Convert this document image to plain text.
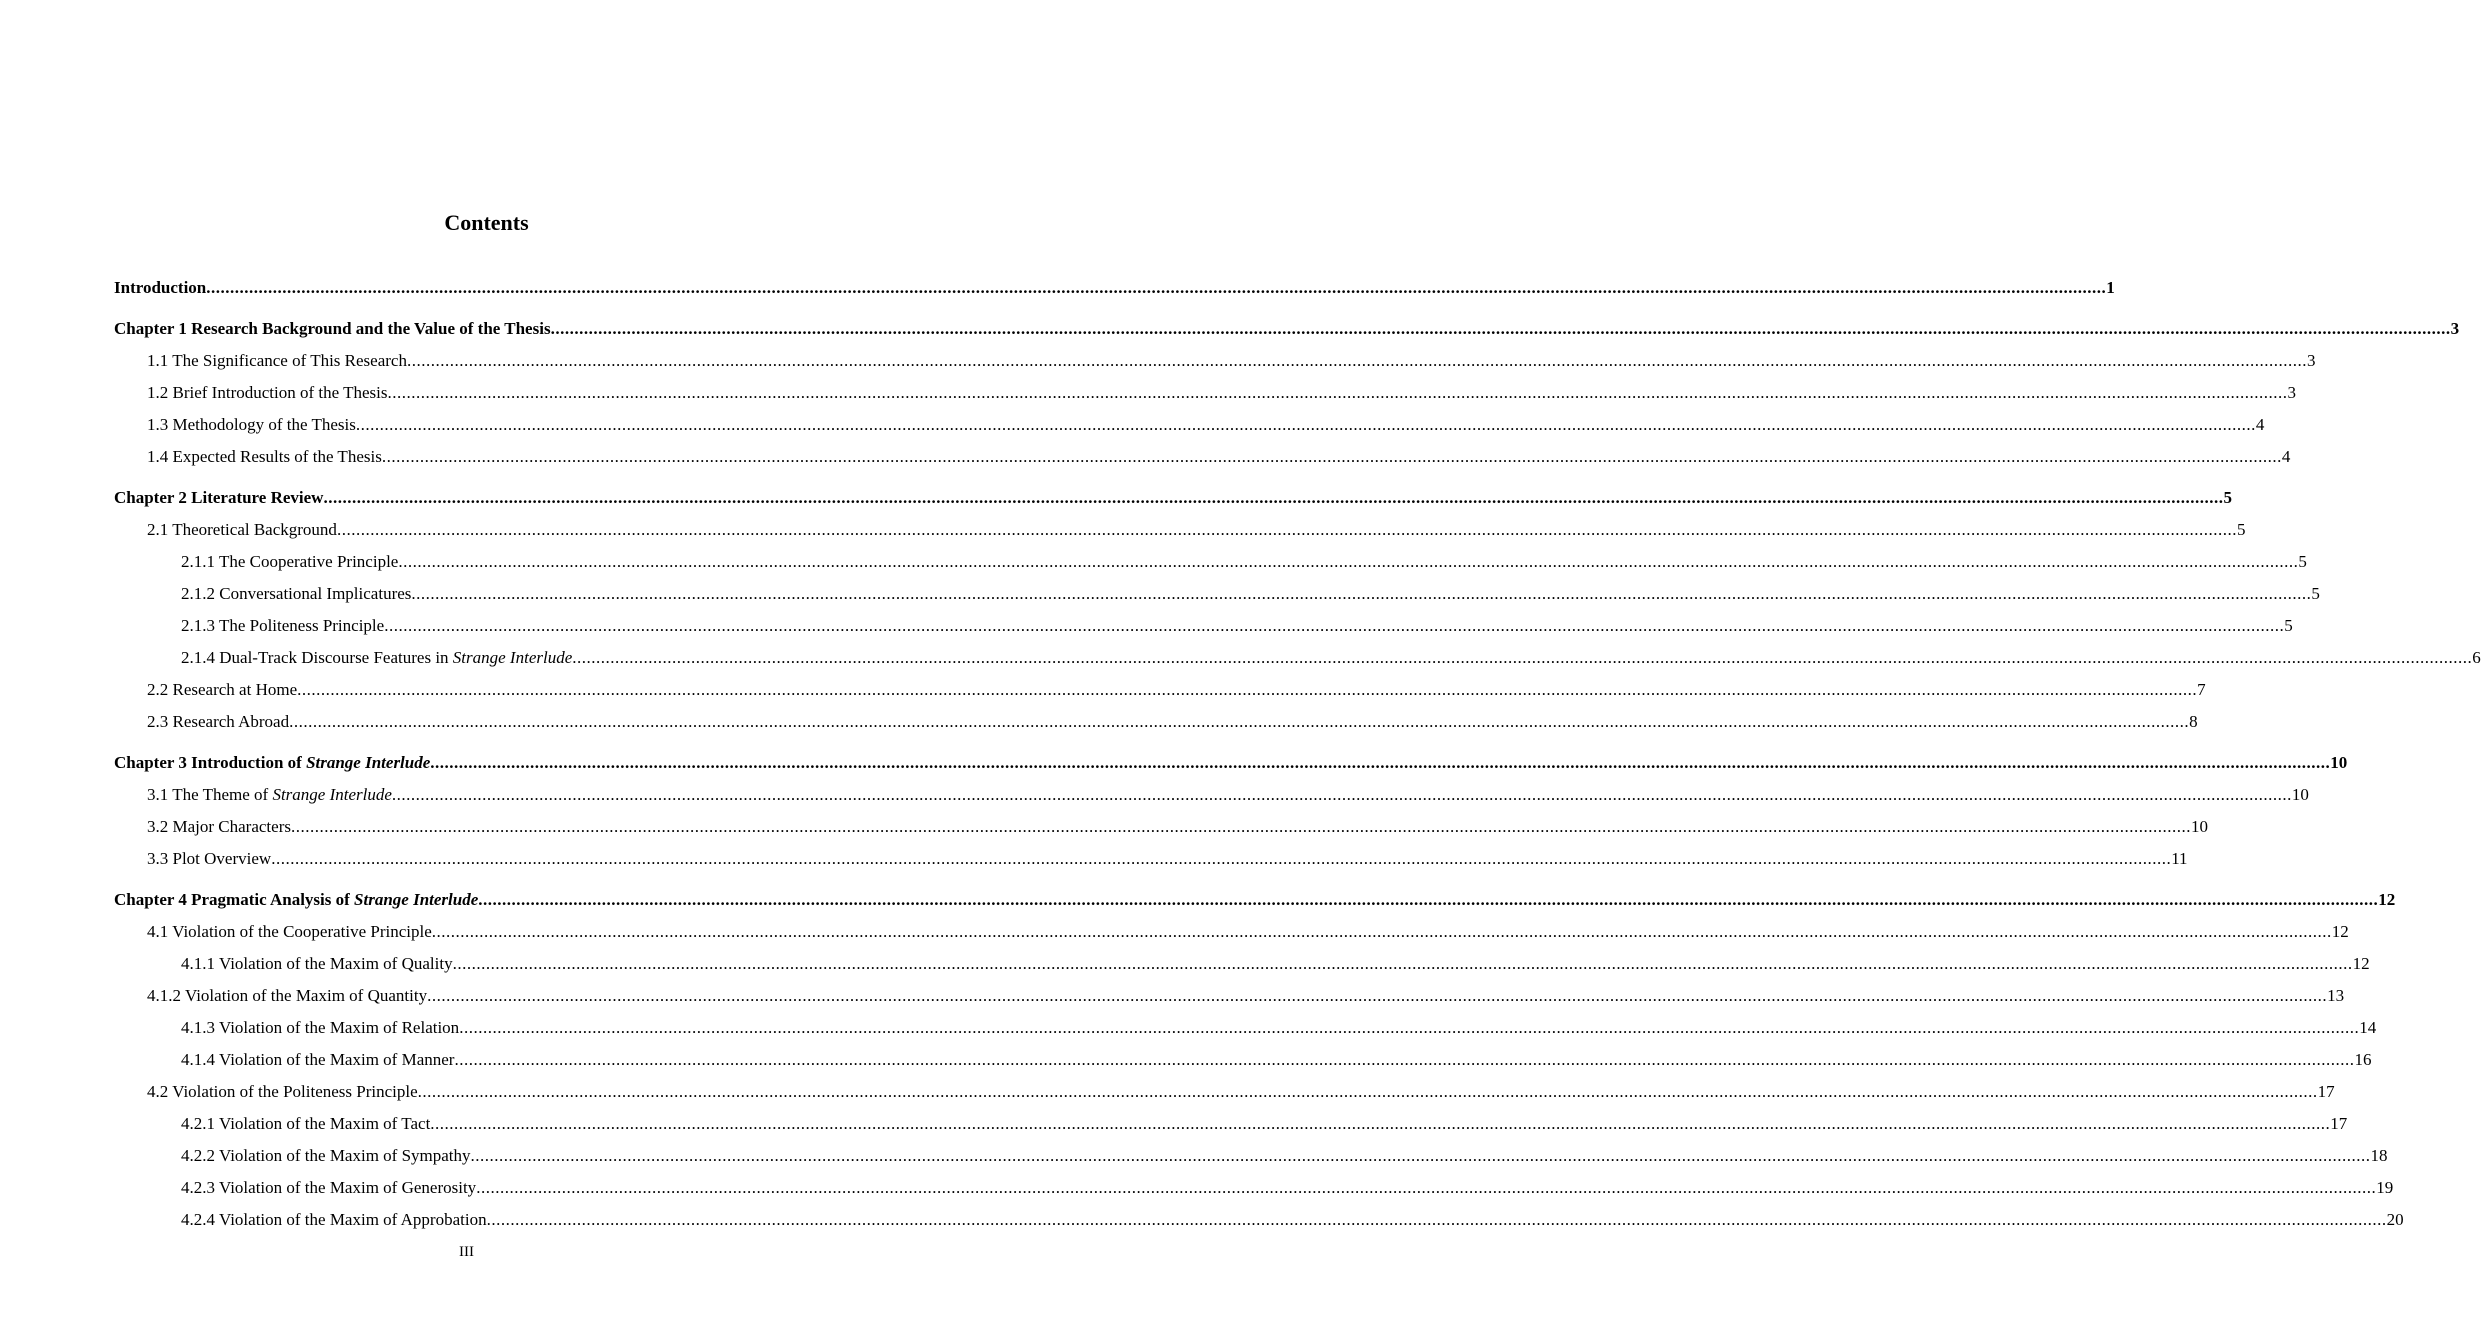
Contents
Introduction ................................................................................................................................................................................................................................................................................................................................................................................................................ 1
Chapter 1 Research Background and the Value of the Thesis ................................................................................................................................................................................................................................................................................................................................................................................................................ 3
1.1 The Significance of This Research ................................................................................................................................................................................................................................................................................................................................................................................................................ 3
1.2 Brief Introduction of the Thesis ................................................................................................................................................................................................................................................................................................................................................................................................................ 3
1.3 Methodology of the Thesis ................................................................................................................................................................................................................................................................................................................................................................................................................ 4
1.4 Expected Results of the Thesis ................................................................................................................................................................................................................................................................................................................................................................................................................ 4
Chapter 2 Literature Review ................................................................................................................................................................................................................................................................................................................................................................................................................ 5
2.1 Theoretical Background ................................................................................................................................................................................................................................................................................................................................................................................................................ 5
2.1.1 The Cooperative Principle ................................................................................................................................................................................................................................................................................................................................................................................................................ 5
2.1.2 Conversational Implicatures ................................................................................................................................................................................................................................................................................................................................................................................................................ 5
2.1.3 The Politeness Principle ................................................................................................................................................................................................................................................................................................................................................................................................................ 5
2.1.4 Dual-Track Discourse Features in Strange Interlude ................................................................................................................................................................................................................................................................................................................................................................................................................ 6
2.2 Research at Home ................................................................................................................................................................................................................................................................................................................................................................................................................ 7
2.3 Research Abroad ................................................................................................................................................................................................................................................................................................................................................................................................................ 8
Chapter 3 Introduction of Strange Interlude ................................................................................................................................................................................................................................................................................................................................................................................................................ 10
3.1 The Theme of Strange Interlude ................................................................................................................................................................................................................................................................................................................................................................................................................ 10
3.2 Major Characters ................................................................................................................................................................................................................................................................................................................................................................................................................ 10
3.3 Plot Overview ................................................................................................................................................................................................................................................................................................................................................................................................................ 11
Chapter 4 Pragmatic Analysis of Strange Interlude ................................................................................................................................................................................................................................................................................................................................................................................................................ 12
4.1 Violation of the Cooperative Principle ................................................................................................................................................................................................................................................................................................................................................................................................................ 12
4.1.1 Violation of the Maxim of Quality ................................................................................................................................................................................................................................................................................................................................................................................................................ 12
4.1.2 Violation of the Maxim of Quantity ................................................................................................................................................................................................................................................................................................................................................................................................................ 13
4.1.3 Violation of the Maxim of Relation ................................................................................................................................................................................................................................................................................................................................................................................................................ 14
4.1.4 Violation of the Maxim of Manner ................................................................................................................................................................................................................................................................................................................................................................................................................ 16
4.2 Violation of the Politeness Principle ................................................................................................................................................................................................................................................................................................................................................................................................................ 17
4.2.1 Violation of the Maxim of Tact ................................................................................................................................................................................................................................................................................................................................................................................................................ 17
4.2.2 Violation of the Maxim of Sympathy ................................................................................................................................................................................................................................................................................................................................................................................................................ 18
4.2.3 Violation of the Maxim of Generosity ................................................................................................................................................................................................................................................................................................................................................................................................................ 19
4.2.4 Violation of the Maxim of Approbation ................................................................................................................................................................................................................................................................................................................................................................................................................ 20
III
